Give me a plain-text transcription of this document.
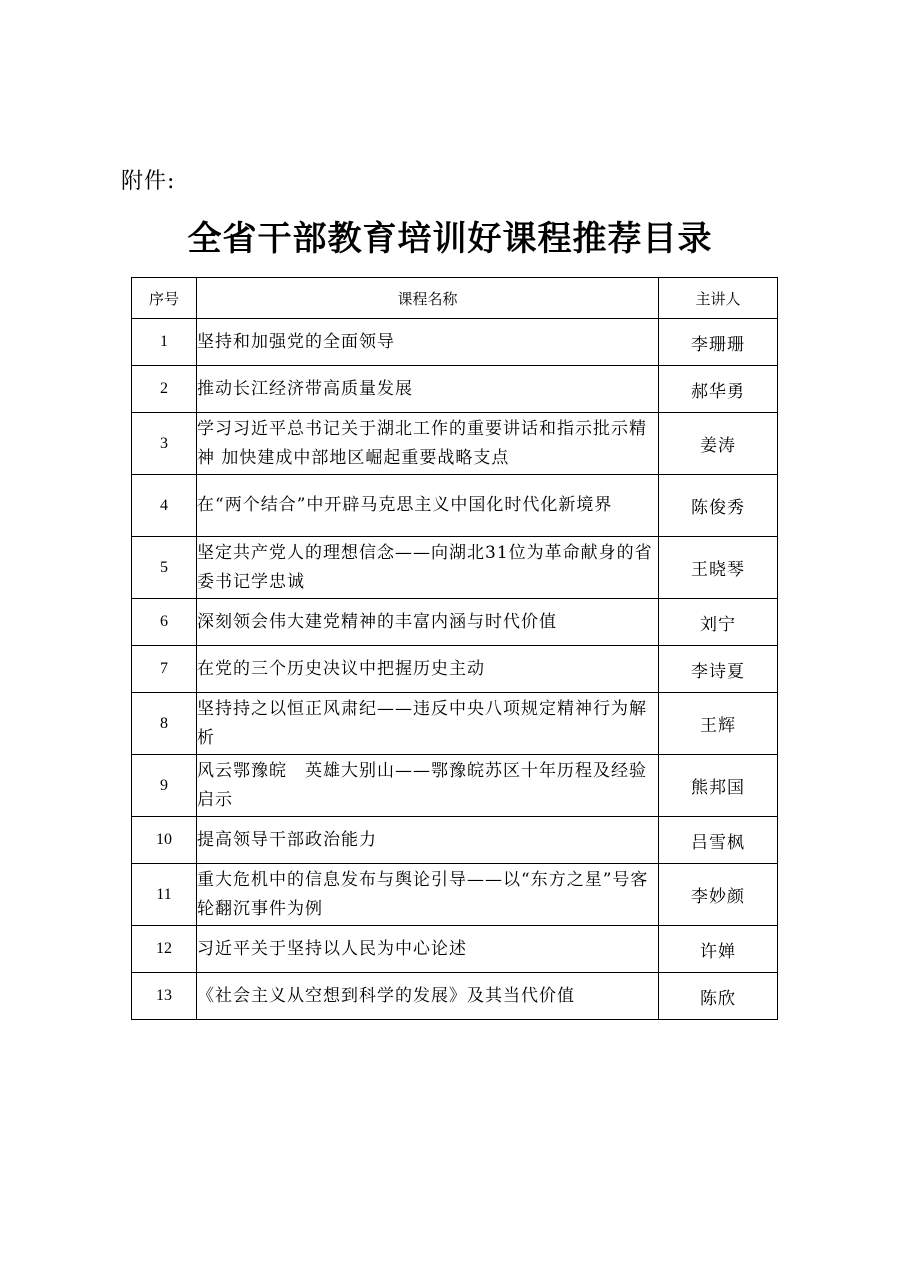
附件:
全省干部教育培训好课程推荐目录
序号	课程名称	主讲人
1	坚持和加强党的全面领导	李珊珊
2	推动长江经济带高质量发展	郝华勇
3	学习习近平总书记关于湖北工作的重要讲话和指示批示精神 加快建成中部地区崛起重要战略支点	姜涛
4	在“两个结合”中开辟马克思主义中国化时代化新境界	陈俊秀
5	坚定共产党人的理想信念——向湖北31位为革命献身的省委书记学忠诚	王晓琴
6	深刻领会伟大建党精神的丰富内涵与时代价值	刘宁
7	在党的三个历史决议中把握历史主动	李诗夏
8	坚持持之以恒正风肃纪——违反中央八项规定精神行为解析	王辉
9	风云鄂豫皖　英雄大别山——鄂豫皖苏区十年历程及经验启示	熊邦国
10	提高领导干部政治能力	吕雪枫
11	重大危机中的信息发布与舆论引导——以“东方之星”号客轮翻沉事件为例	李妙颜
12	习近平关于坚持以人民为中心论述	许婵
13	《社会主义从空想到科学的发展》及其当代价值	陈欣
